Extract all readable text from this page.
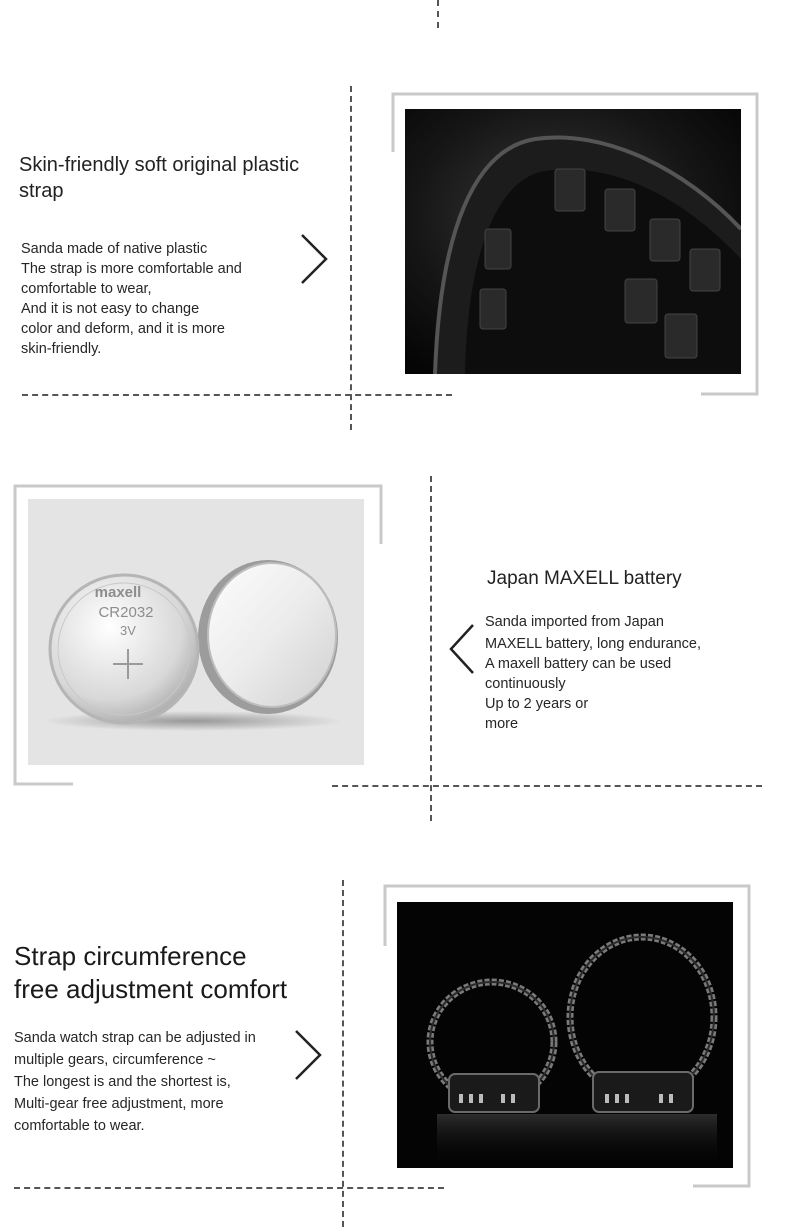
Skin-friendly soft original plastic
strap
Sanda made of native plastic
The strap is more comfortable and
comfortable to wear,
And it is not easy to change
color and deform, and it is more
skin-friendly.
maxell
CR2032
3V
Japan MAXELL battery
Sanda imported from Japan
MAXELL battery, long endurance,
A maxell battery can be used
continuously
Up to 2 years or
more
Strap circumference
free adjustment comfort
Sanda watch strap can be adjusted in
multiple gears, circumference ~
The longest is and the shortest is,
Multi-gear free adjustment, more
comfortable to wear.
